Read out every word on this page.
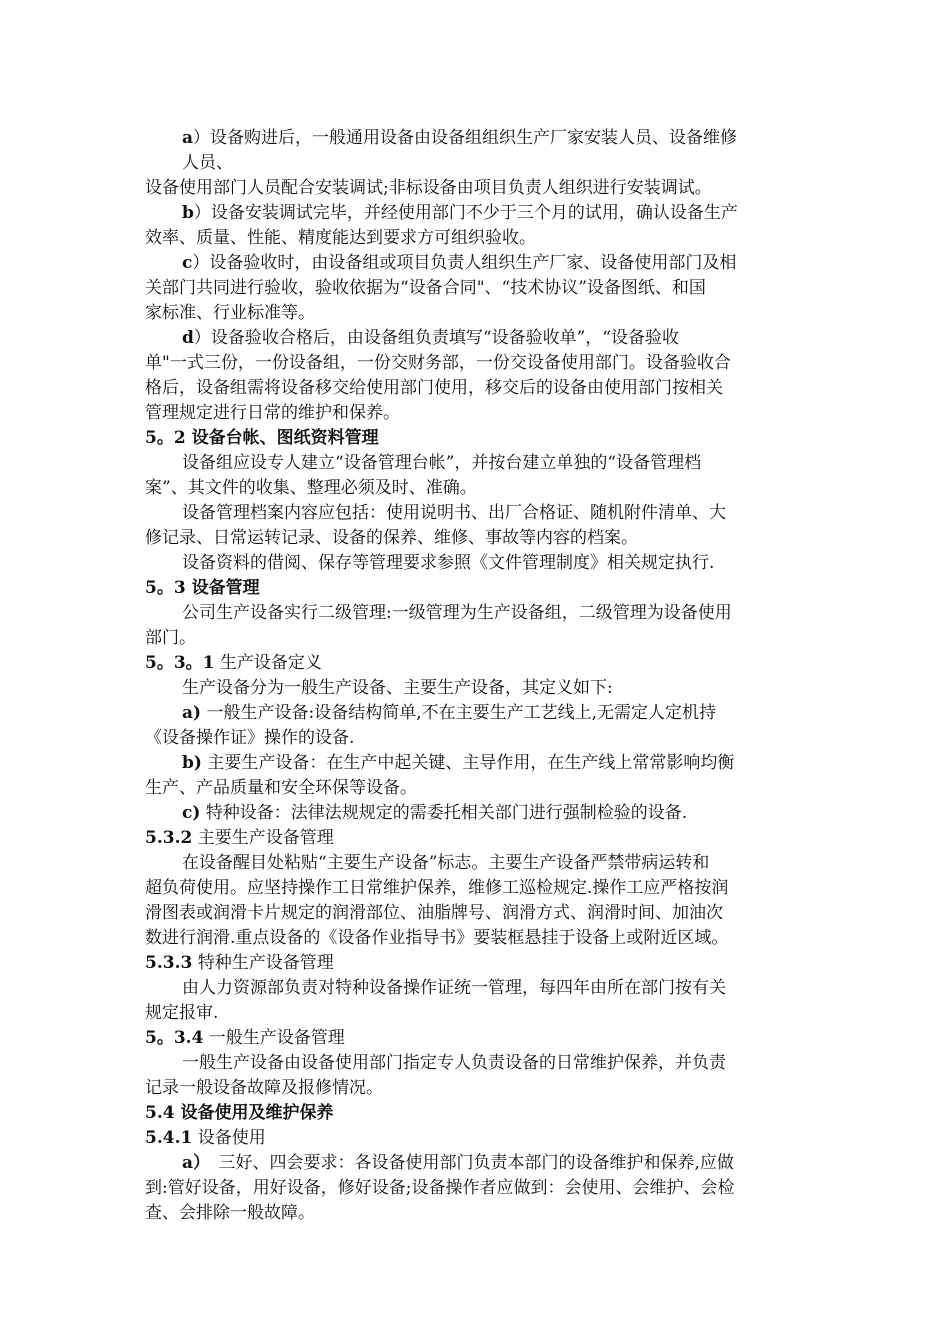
a）设备购进后，一般通用设备由设备组组织生产厂家安装人员、设备维修
人员、
设备使用部门人员配合安装调试;非标设备由项目负责人组织进行安装调试。
b）设备安装调试完毕，并经使用部门不少于三个月的试用，确认设备生产
效率、质量、性能、精度能达到要求方可组织验收。
c）设备验收时，由设备组或项目负责人组织生产厂家、设备使用部门及相
关部门共同进行验收，验收依据为“设备合同"、“技术协议”设备图纸、和国
家标准、行业标准等。
d）设备验收合格后，由设备组负责填写“设备验收单”，“设备验收
单"一式三份，一份设备组，一份交财务部，一份交设备使用部门。设备验收合
格后，设备组需将设备移交给使用部门使用，移交后的设备由使用部门按相关
管理规定进行日常的维护和保养。
5。2 设备台帐、图纸资料管理
设备组应设专人建立“设备管理台帐”，并按台建立单独的“设备管理档
案”、其文件的收集、整理必须及时、准确。
设备管理档案内容应包括：使用说明书、出厂合格证、随机附件清单、大
修记录、日常运转记录、设备的保养、维修、事故等内容的档案。
设备资料的借阅、保存等管理要求参照《文件管理制度》相关规定执行.
5。3 设备管理
公司生产设备实行二级管理:一级管理为生产设备组，二级管理为设备使用
部门。
5。3。1 生产设备定义
生产设备分为一般生产设备、主要生产设备，其定义如下:
a) 一般生产设备:设备结构简单,不在主要生产工艺线上,无需定人定机持
《设备操作证》操作的设备.
b) 主要生产设备：在生产中起关键、主导作用，在生产线上常常影响均衡
生产、产品质量和安全环保等设备。
c) 特种设备：法律法规规定的需委托相关部门进行强制检验的设备.
5.3.2 主要生产设备管理
在设备醒目处粘贴“主要生产设备”标志。主要生产设备严禁带病运转和
超负荷使用。应坚持操作工日常维护保养，维修工巡检规定.操作工应严格按润
滑图表或润滑卡片规定的润滑部位、油脂牌号、润滑方式、润滑时间、加油次
数进行润滑.重点设备的《设备作业指导书》要装框悬挂于设备上或附近区域。
5.3.3 特种生产设备管理
由人力资源部负责对特种设备操作证统一管理，每四年由所在部门按有关
规定报审.
5。3.4 一般生产设备管理
一般生产设备由设备使用部门指定专人负责设备的日常维护保养，并负责
记录一般设备故障及报修情况。
5.4 设备使用及维护保养
5.4.1 设备使用
a）　三好、四会要求：各设备使用部门负责本部门的设备维护和保养,应做
到:管好设备，用好设备，修好设备;设备操作者应做到：会使用、会维护、会检
查、会排除一般故障。
